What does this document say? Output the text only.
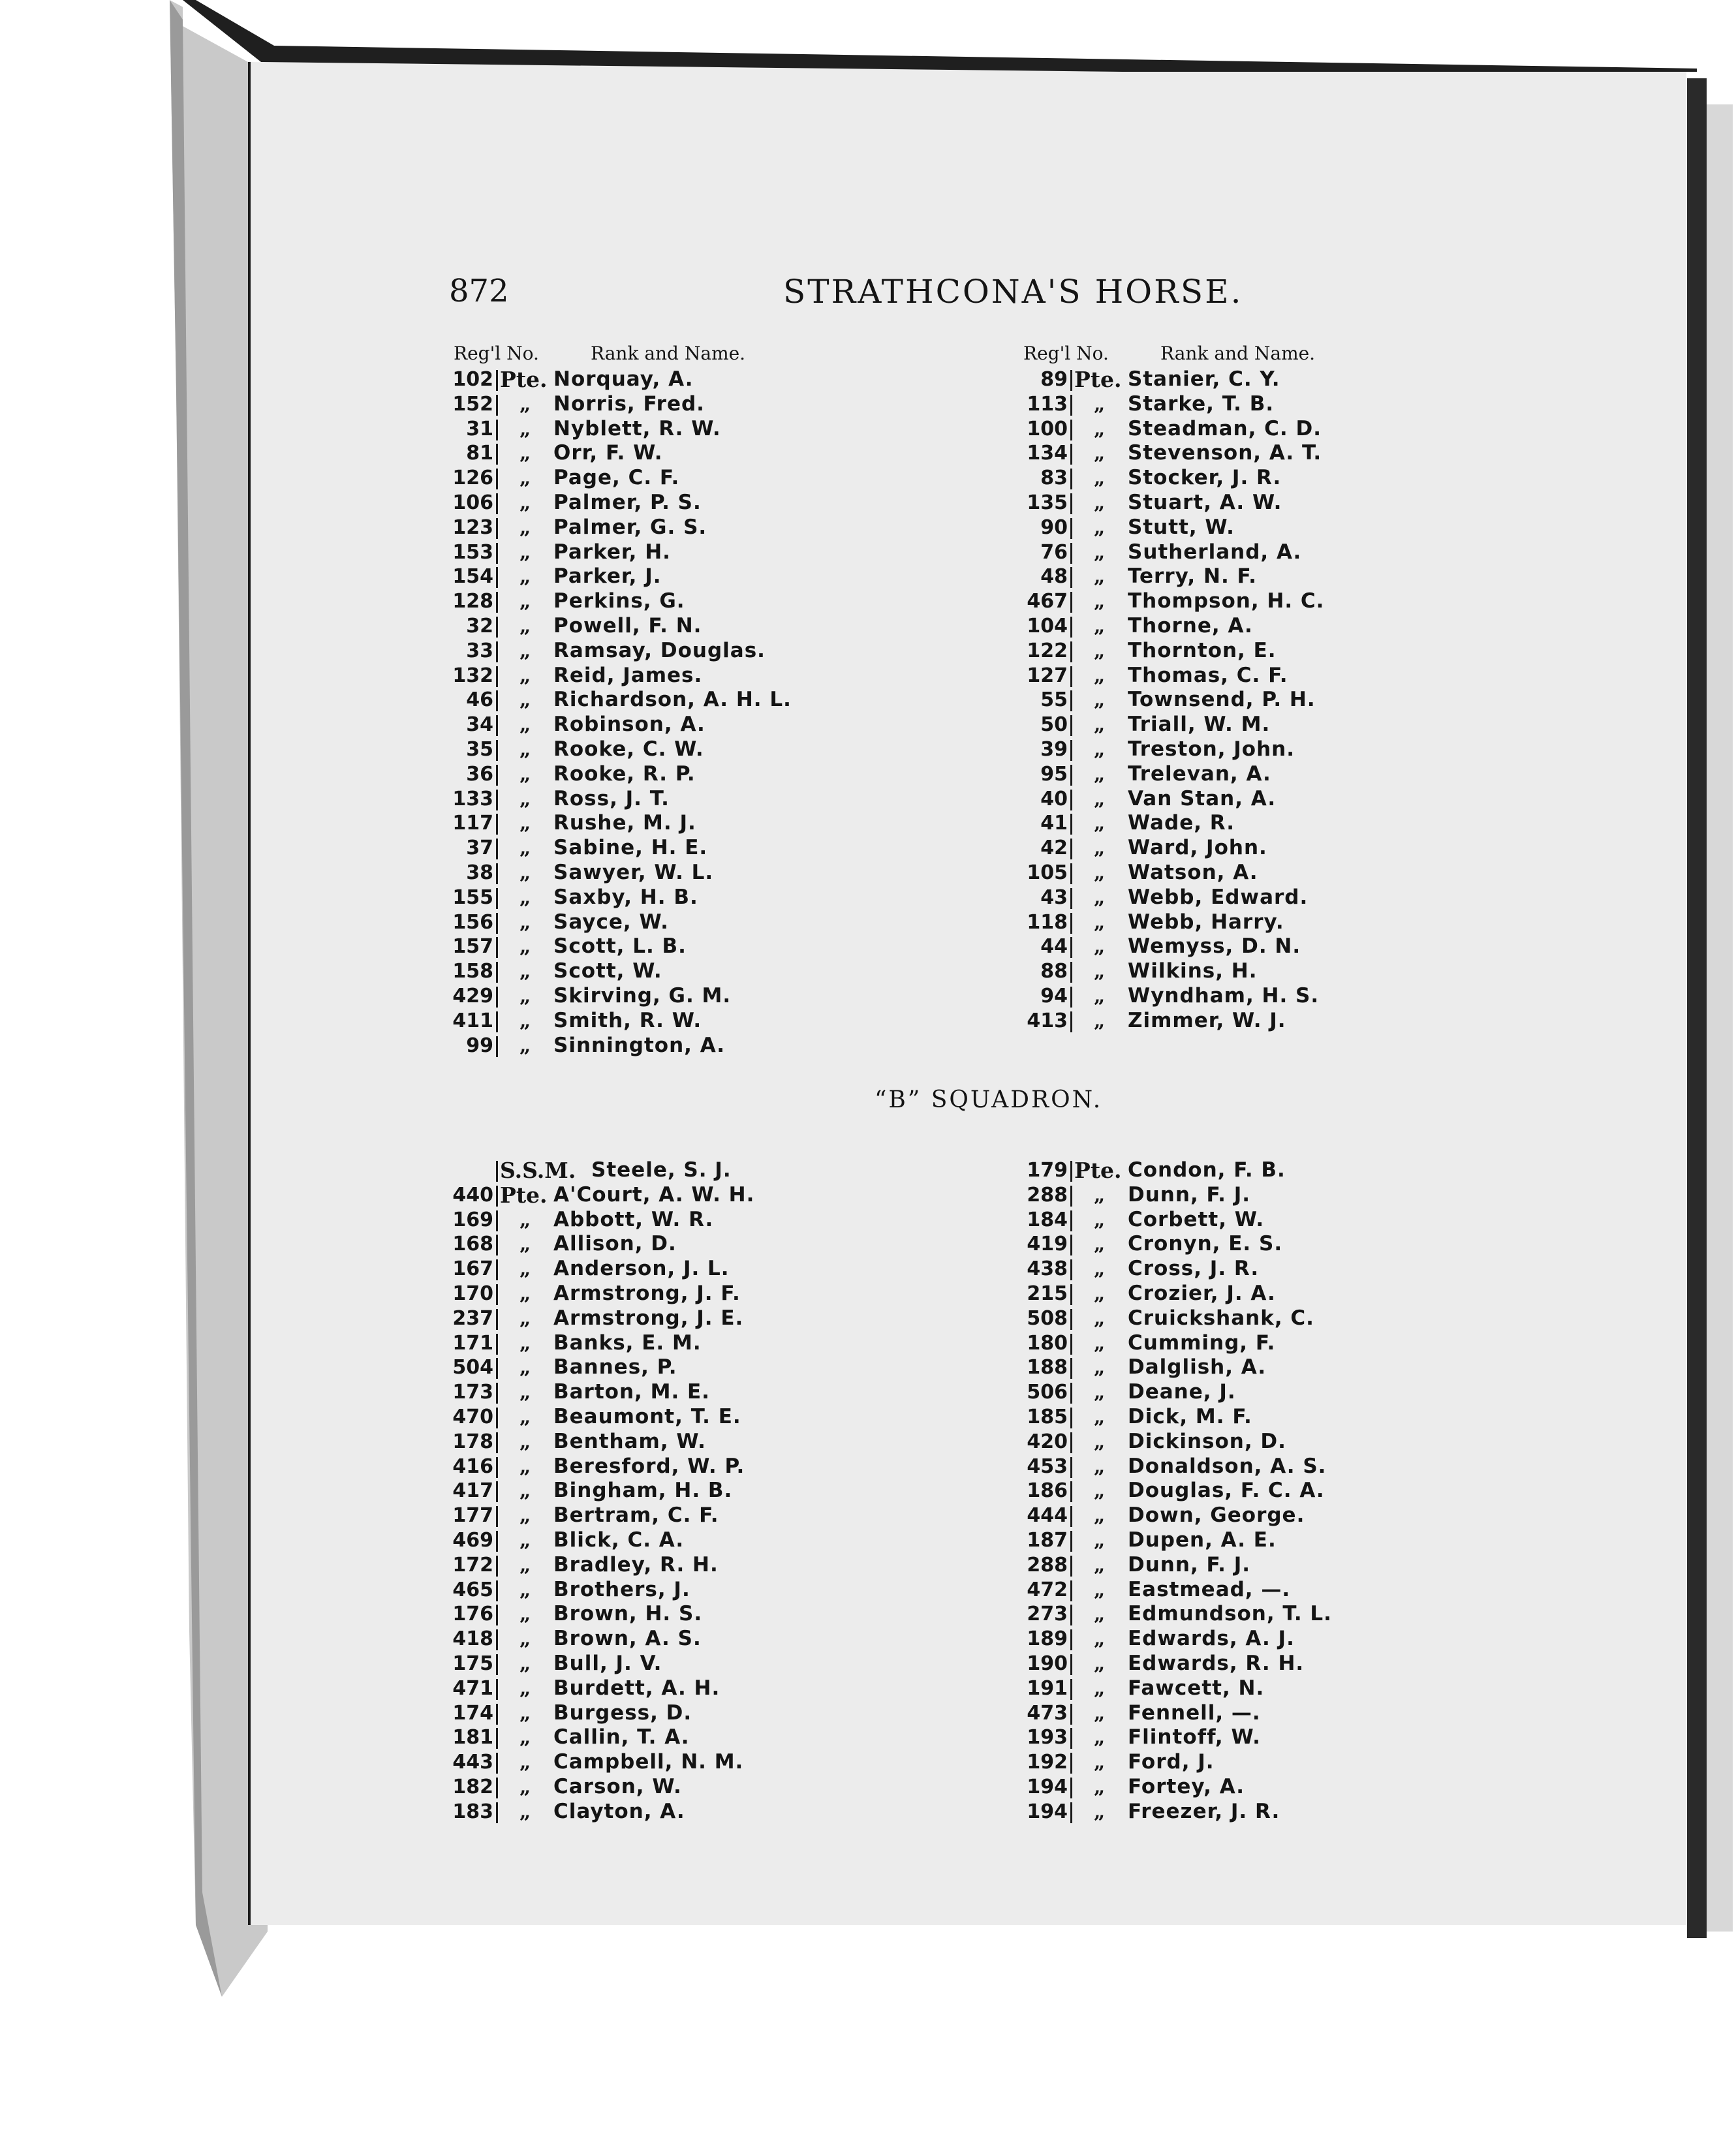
872	STRATHCONA'S HORSE.
Reg'l No.	Rank and Name.	Reg'l No.	Rank and Name.
102 Pte. Norquay, A.
152 „ Norris, Fred.
31 „ Nyblett, R. W.
81 „ Orr, F. W.
126 „ Page, C. F.
106 „ Palmer, P. S.
123 „ Palmer, G. S.
153 „ Parker, H.
154 „ Parker, J.
128 „ Perkins, G.
32 „ Powell, F. N.
33 „ Ramsay, Douglas.
132 „ Reid, James.
46 „ Richardson, A. H. L.
34 „ Robinson, A.
35 „ Rooke, C. W.
36 „ Rooke, R. P.
133 „ Ross, J. T.
117 „ Rushe, M. J.
37 „ Sabine, H. E.
38 „ Sawyer, W. L.
155 „ Saxby, H. B.
156 „ Sayce, W.
157 „ Scott, L. B.
158 „ Scott, W.
429 „ Skirving, G. M.
411 „ Smith, R. W.
99 „ Sinnington, A.
89 Pte. Stanier, C. Y.
113 „ Starke, T. B.
100 „ Steadman, C. D.
134 „ Stevenson, A. T.
83 „ Stocker, J. R.
135 „ Stuart, A. W.
90 „ Stutt, W.
76 „ Sutherland, A.
48 „ Terry, N. F.
467 „ Thompson, H. C.
104 „ Thorne, A.
122 „ Thornton, E.
127 „ Thomas, C. F.
55 „ Townsend, P. H.
50 „ Triall, W. M.
39 „ Treston, John.
95 „ Trelevan, A.
40 „ Van Stan, A.
41 „ Wade, R.
42 „ Ward, John.
105 „ Watson, A.
43 „ Webb, Edward.
118 „ Webb, Harry.
44 „ Wemyss, D. N.
88 „ Wilkins, H.
94 „ Wyndham, H. S.
413 „ Zimmer, W. J.
“B” SQUADRON.
S.S.M. Steele, S. J.
440 Pte. A'Court, A. W. H.
169 „ Abbott, W. R.
168 „ Allison, D.
167 „ Anderson, J. L.
170 „ Armstrong, J. F.
237 „ Armstrong, J. E.
171 „ Banks, E. M.
504 „ Bannes, P.
173 „ Barton, M. E.
470 „ Beaumont, T. E.
178 „ Bentham, W.
416 „ Beresford, W. P.
417 „ Bingham, H. B.
177 „ Bertram, C. F.
469 „ Blick, C. A.
172 „ Bradley, R. H.
465 „ Brothers, J.
176 „ Brown, H. S.
418 „ Brown, A. S.
175 „ Bull, J. V.
471 „ Burdett, A. H.
174 „ Burgess, D.
181 „ Callin, T. A.
443 „ Campbell, N. M.
182 „ Carson, W.
183 „ Clayton, A.
179 Pte. Condon, F. B.
288 „ Dunn, F. J.
184 „ Corbett, W.
419 „ Cronyn, E. S.
438 „ Cross, J. R.
215 „ Crozier, J. A.
508 „ Cruickshank, C.
180 „ Cumming, F.
188 „ Dalglish, A.
506 „ Deane, J.
185 „ Dick, M. F.
420 „ Dickinson, D.
453 „ Donaldson, A. S.
186 „ Douglas, F. C. A.
444 „ Down, George.
187 „ Dupen, A. E.
288 „ Dunn, F. J.
472 „ Eastmead, —.
273 „ Edmundson, T. L.
189 „ Edwards, A. J.
190 „ Edwards, R. H.
191 „ Fawcett, N.
473 „ Fennell, —.
193 „ Flintoff, W.
192 „ Ford, J.
194 „ Fortey, A.
194 „ Freezer, J. R.
